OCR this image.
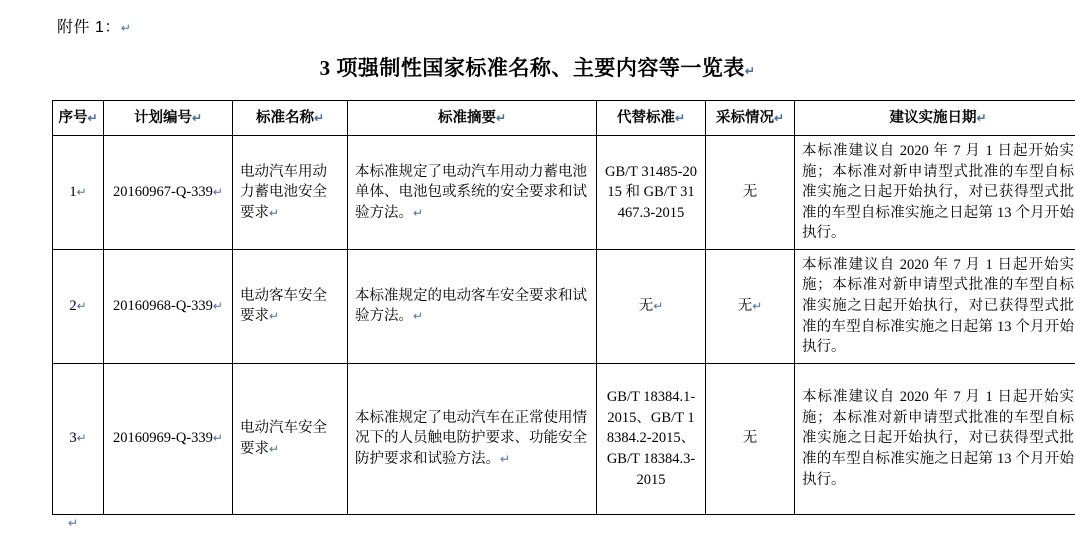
附件 1：↵
3 项强制性国家标准名称、主要内容等一览表↵
序号↵	计划编号↵	标准名称↵	标准摘要↵	代替标准↵	采标情况↵	建议实施日期↵
1↵	20160967-Q-339↵	电动汽车用动力蓄电池安全要求↵	本标准规定了电动汽车用动力蓄电池单体、电池包或系统的安全要求和试验方法。↵	GB/T 31485-2015 和 GB/T 31467.3-2015	无	本标准建议自 2020 年 7 月 1 日起开始实施；本标准对新申请型式批准的车型自标准实施之日起开始执行，对已获得型式批准的车型自标准实施之日起第 13 个月开始执行。
2↵	20160968-Q-339↵	电动客车安全要求↵	本标准规定的电动客车安全要求和试验方法。↵	无↵	无↵	本标准建议自 2020 年 7 月 1 日起开始实施；本标准对新申请型式批准的车型自标准实施之日起开始执行，对已获得型式批准的车型自标准实施之日起第 13 个月开始执行。
3↵	20160969-Q-339↵	电动汽车安全要求↵	本标准规定了电动汽车在正常使用情况下的人员触电防护要求、功能安全防护要求和试验方法。↵	GB/T 18384.1-2015、GB/T 18384.2-2015、GB/T 18384.3-2015	无	本标准建议自 2020 年 7 月 1 日起开始实施；本标准对新申请型式批准的车型自标准实施之日起开始执行，对已获得型式批准的车型自标准实施之日起第 13 个月开始执行。
↵
